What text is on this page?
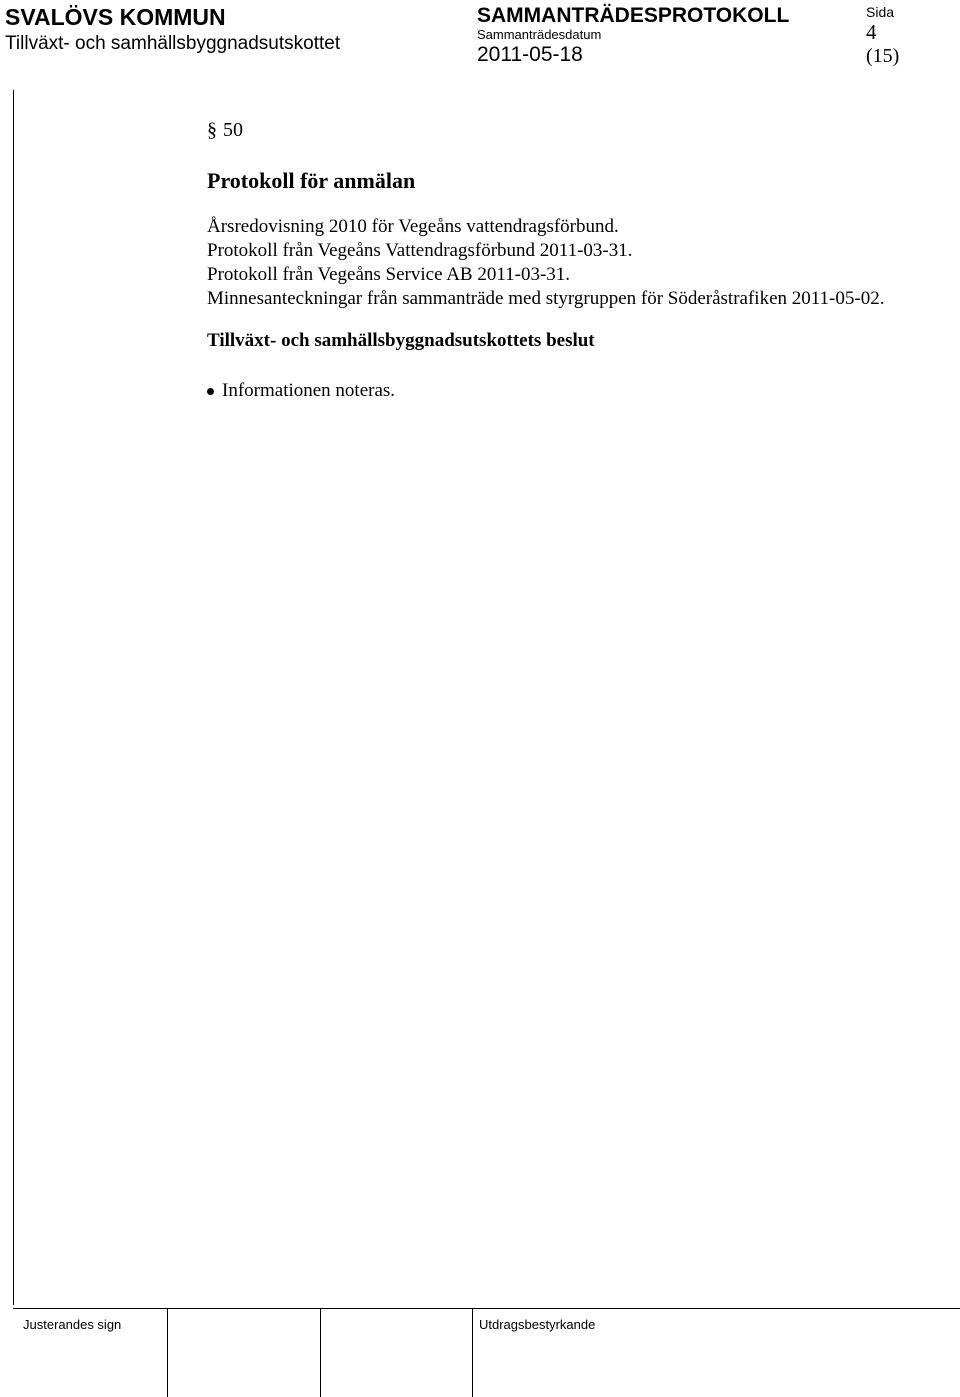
SVALÖVS KOMMUN
Tillväxt- och samhällsbyggnadsutskottet
SAMMANTRÄDESPROTOKOLL
Sammanträdesdatum
2011-05-18
Sida
4
(15)

§ 50

Protokoll för anmälan
Årsredovisning 2010 för Vegeåns vattendragsförbund.
Protokoll från Vegeåns Vattendragsförbund 2011-03-31.
Protokoll från Vegeåns Service AB 2011-03-31.
Minnesanteckningar från sammanträde med styrgruppen för Söderåstrafiken 2011-05-02.
Tillväxt- och samhällsbyggnadsutskottets beslut
Informationen noteras.
Justerandes sign	Utdragsbestyrkande
